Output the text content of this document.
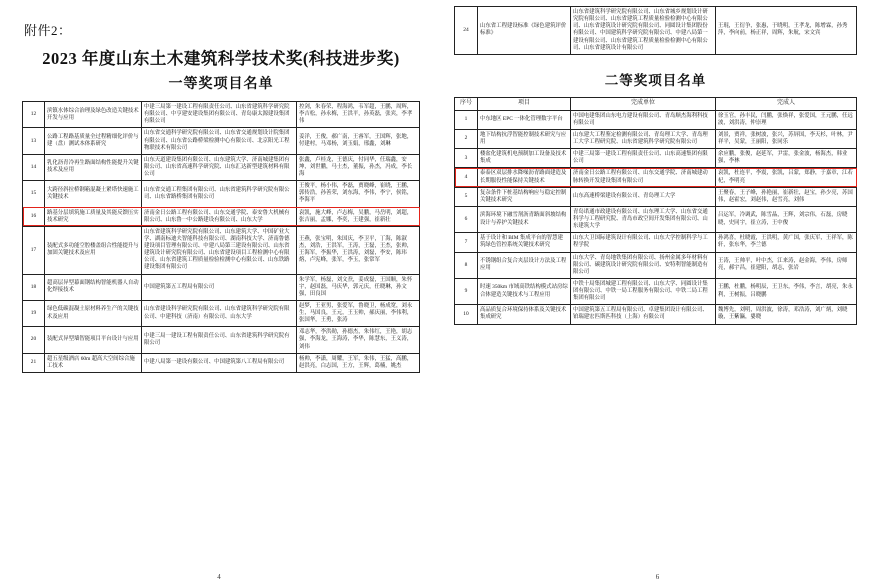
附件2：
2023 年度山东土木建筑科学技术奖(科技进步奖)
一等奖项目名单
12	滨镇水体综合治理及绿色改造关键技术开发与应用	中建三局第一建设工程有限责任公司、山东省建筑科学研究院有限公司、中亨建安建设集团有限公司、青岛康太源建设集团有限公司	控剑，朱春荣，程海鸿，韦军超，王鹏，周辉，李吉松，孙永梅，王洪平，孙英磊，张宾，李孝伟
13	公路工程路基质量全过程精细化评价与建（盘）测试本体系研究	山东省交通科学研究院有限公司、山东省交通规划设计院集团有限公司、山东省公路桥梁检测中心有限公司、北京阳光工程物联技术有限公司	姜洋，王俊，郝广南，王睿军，王国辉，张地，付建村，马邓杨，刘玉娟，邢鑫，刘琳
14	乳化沥青冷再生路面结构性能提升关键技术及应用	山东天道建设集团有限公司、山东建筑大学、济南城建集团有限公司、山东省高速科学研究院、山东汇达新型建筑材料有限公司	张鑫，卢桂龙，王德庆，付同华，任瑞鑫，安坤，刘世鹏，马士杰，董振，孙杰，冯成，李长海
15	大跨径斜拉桥钢箱混凝土紧塔快速施工关键技术	山东省交通工程集团有限公司、山东省建筑科学研究院有限公司、山东省路桥集团有限公司	王俊平，杨小伟，李磊，贾晓峰，崔晓，王鹏，郭传浩，孙善荣，刘东海，李伟，李宁，侯铭，李海平
16	路基分层填筑施工质量及其能反馈压实技术研究	济南金日公路工程有限公司、山东交通学院、泰安鲁大机械有限公司、山东鲁一中公路建设有限公司、山东大学	袁凯，施大峰，卢志梅，吴鹏，马岳明，刘超，张吉丽，孟娜，李奕，王建强，崔新壮
17	装配式多功能空腔楼盖组合性能提升与加固关键技术及应用	山东省建筑科学研究院有限公司、山东建筑大学、中国矿业大学、湖南标迪夫智能科技有限公司、湖南科技大学、济南鲁德建设项目管理有限公司、中建八局第三建设有限公司、山东省建筑设计研究院有限公司、山东省建设项目工程检测中心有限公司、山东省建筑工程质量检验检测中心有限公司、山东铁路建设集团有限公司	王燕，张宝明，朱国庆，李卫平，丁海，陈淑杰，刘浩，王洪军，王涛，王磊，王杰，张帅，王海军，李振华，王洪涛，刘磊，李安，陈玮熔，卢宪峰，张军，李玉，张常军
18	超高层异型幕面钢结构智能机器人自动化焊接技术	中国建筑第五工程局有限公司	朱学军，杨磊，刘文焘，姜成磊，王国顺，朱怀宇，赵国磊，马庆华，郭元庆，任晓琳，孙文强，田良国
19	绿色低碳混凝土原材料养生产的关键技术及应用	山东省建设科学研究院有限公司、山东省建筑科学研究院有限公司、中建科技（济南）有限公司、山东大学	赵梦，王亚男，张爱军，鲁晓卫，杨成宽，刘永生，马国良，王元，王玉帅，郝庆丽，李伟利，张国华，王勇，张涛
20	装配式异型墙智能项目平台设计与应用	中建三局一建设工程有限责任公司、山东省建筑科学研究院有限公司	邓志华，李洪勋，孙德杰，朱伟红，王艳，胡志强，李海龙，王海涛，李华，陈慧东，王义涛，刘伟
21	超五星级酒店 60m 超高大空间综合施工技术	中建八局第一建设有限公司、中国建筑第八工程局有限公司	杨帅，李潇，周耀，王军，朱伟，王猛，高鹏，赵洪亮，白志国，王方，王辉，葛楠，姚杰
4
24	山东省工程建设标准《绿色建筑评价标准》	山东省建筑科学研究院有限公司、山东省城乡规划设计研究院有限公司、山东省建筑工程质量检验检测中心有限公司、山东省建筑设计研究院有限公司、同圆设计集团股份有限公司、中国建筑科学研究院有限公司、中建八局第一建设有限公司、山东省建筑工程质量检验检测中心有限公司、山东省建筑设计有限公司	王琨，王衍争，张惠，于晓明，王孝龙，陈增霖，孙秀萍，李向前，杨正祥，周辉，朱航，宋文宾
二等奖项目名单
序号	项目	完成单位	完成人
1	中东地区 EPC 一体化管理数字平台	中国电建集团山东电力建设有限公司、青岛顺杰海利科技有限公司	徐玉官，孙丰民，闫鹏，张焕祥，张爱国，王元鹏，任远波，刘洪涛，仲崇理
2	地下结构抗浮智能控制技术研究与应用	山东建大工程鉴定检测有限公司、青岛理工大学、青岛理工大学工程研究院、山东省建筑科学研究院有限公司	刘景，贾祥，张树波，张兴，苏屏国，李天杉，叶林，尹祥平，吴蒙，王丽阳，张同乐
3	楼盆化建筑机电预制加工设备及技术集成	中建三局第一建设工程有限责任公司、山东高速集团有限公司	余应鹏，张俊，赵延军，尹雷，张金波，杨海杰，韩业强，李林
4	泰泰区双层排水降噪沥青路面建造及长期服役性能保持关键技术	济南金日公路工程有限公司、山东交通学院、济南城建动脉转换开发建设集团有限公司	袁凯，杜连平，李震，张凯，吕蒙，郑静，于嘉章，江若杞，李明亮
5	复杂条件下桩基结构响应与稳定控制关键技术研究	山东高速桥梁建设有限公司、青岛理工大学	王聚春，王子峰，孙艳丽，崔新壮，赵宝，孙少亮，苏国伟，赵霍宏，刘赵伟，赵雪亮，刘伟
6	滨海环境下融雪剂沥青路面斜坡结构设计与养护关键技术	青岛诺通市政建设有限公司、山东理工大学、山东省交通科学与工程研究院、青岛市政空间开发集团有限公司、山东建筑大学	吕运军，冷调武，陈雪晶，王辉，刘宗伟，石磊，房晓晓，史同宇，崔立涛，王中俊
7	基于设计和 BIM 集成平台的智慧建筑绿色管控系统关键技术研究	山东大卫国际建筑设计有限公司、山东大学控制科学与工程学院	孙鸿喜，杜晓霞，王洪明，黄广国，张庆军，王祥军，陈轩，张东华，李兰德
8	不锈钢组合复合夹层设计方法及工程应用	山东大学、青岛地铁集团有限公司、扬州金属多年材料有限公司、碳建筑设计研究院有限公司、安特利智能制造有限公司	王涛，王帅平，叶中杰，江来涛，赵金海，李伟，房师亮，郝宇昌，崔建阳，胡志，张岩
9	时速 350km 市域高铁结构模式站房综合体建造关键技术与工程应用	中铁十局集团城建工程有限公司、山东大学、同圆设计集团有限公司、中铁一局工程服务有限公司、中铁二局工程集团有限公司	王鹏，杜鹏，杨明辰，王卫东，李伟，李言，胡亮，朱永利，王树振，吕晓鹏
10	高品质复合环境保持体系及关键技术集成研究	中国建筑第五工程局有限公司、卓建集团设计有限公司、铂瑞建宏匹斯匹科技（上海）有限公司	魏博先，刘明，周洪波，徐涛，邓浩涛，刘广炳，刘晓璇，王紫瀛，婁晓
6
